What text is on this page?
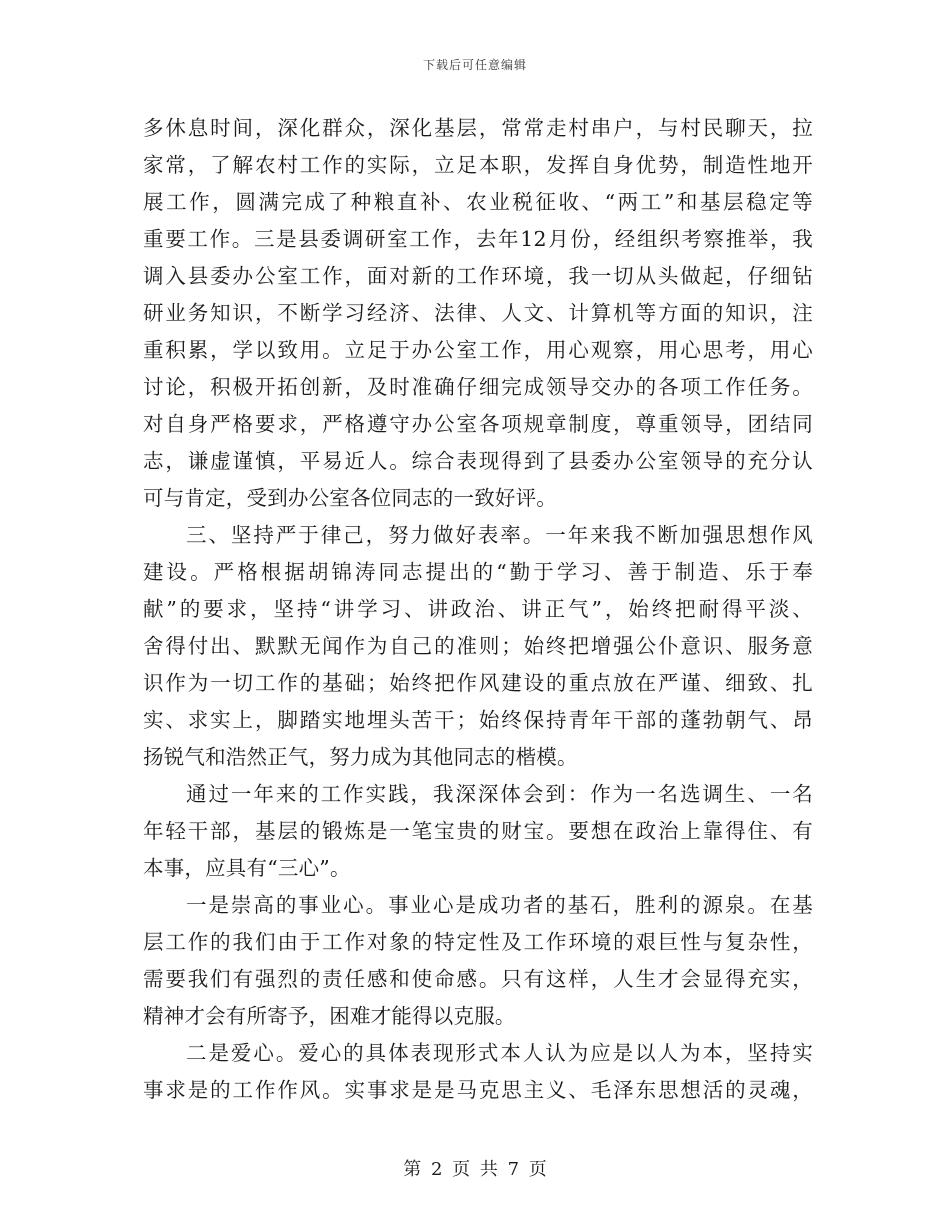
下载后可任意编辑
多休息时间，深化群众，深化基层，常常走村串户，与村民聊天，拉
家常，了解农村工作的实际，立足本职，发挥自身优势，制造性地开
展工作，圆满完成了种粮直补、农业税征收、“两工”和基层稳定等
重要工作。三是县委调研室工作，去年12月份，经组织考察推举，我
调入县委办公室工作，面对新的工作环境，我一切从头做起，仔细钻
研业务知识，不断学习经济、法律、人文、计算机等方面的知识，注
重积累，学以致用。立足于办公室工作，用心观察，用心思考，用心
讨论，积极开拓创新，及时准确仔细完成领导交办的各项工作任务。
对自身严格要求，严格遵守办公室各项规章制度，尊重领导，团结同
志，谦虚谨慎，平易近人。综合表现得到了县委办公室领导的充分认
可与肯定，受到办公室各位同志的一致好评。
三、坚持严于律己，努力做好表率。一年来我不断加强思想作风
建设。严格根据胡锦涛同志提出的“勤于学习、善于制造、乐于奉
献”的要求，坚持“讲学习、讲政治、讲正气”，始终把耐得平淡、
舍得付出、默默无闻作为自己的准则；始终把增强公仆意识、服务意
识作为一切工作的基础；始终把作风建设的重点放在严谨、细致、扎
实、求实上，脚踏实地埋头苦干；始终保持青年干部的蓬勃朝气、昂
扬锐气和浩然正气，努力成为其他同志的楷模。
通过一年来的工作实践，我深深体会到：作为一名选调生、一名
年轻干部，基层的锻炼是一笔宝贵的财宝。要想在政治上靠得住、有
本事，应具有“三心”。
一是崇高的事业心。事业心是成功者的基石，胜利的源泉。在基
层工作的我们由于工作对象的特定性及工作环境的艰巨性与复杂性，
需要我们有强烈的责任感和使命感。只有这样，人生才会显得充实，
精神才会有所寄予，困难才能得以克服。
二是爱心。爱心的具体表现形式本人认为应是以人为本，坚持实
事求是的工作作风。实事求是是马克思主义、毛泽东思想活的灵魂，
第 2 页 共 7 页
